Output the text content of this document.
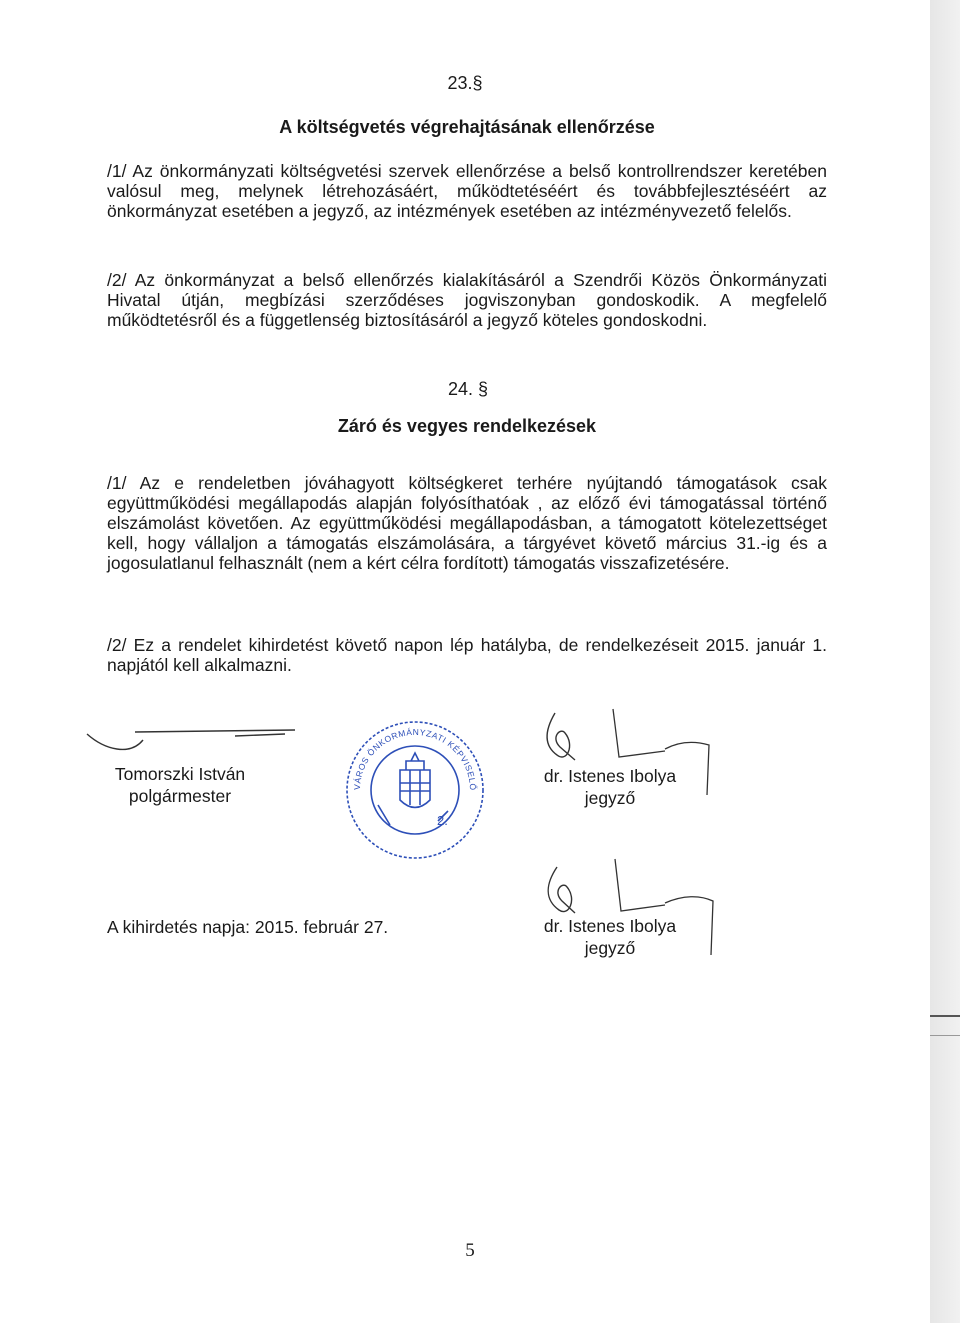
23.§
A költségvetés végrehajtásának ellenőrzése

/1/ Az önkormányzati költségvetési szervek ellenőrzése a belső kontrollrendszer keretében valósul meg, melynek létrehozásáért, működtetéséért és továbbfejlesztéséért az önkormányzat esetében a jegyző, az intézmények esetében az intézményvezető felelős.

/2/ Az önkormányzat a belső ellenőrzés kialakításáról a Szendrői Közös Önkormányzati Hivatal útján, megbízási szerződéses jogviszonyban gondoskodik. A megfelelő működtetésről és a függetlenség biztosításáról a jegyző köteles gondoskodni.

24. §
Záró és vegyes rendelkezések

/1/ Az e rendeletben jóváhagyott költségkeret terhére nyújtandó támogatások csak együttműködési megállapodás alapján folyósíthatóak , az előző évi támogatással történő elszámolást követően. Az együttműködési megállapodásban, a támogatott kötelezettséget kell, hogy vállaljon a támogatás elszámolására, a tárgyévet követő március 31.-ig és a jogosulatlanul felhasznált (nem a kért célra fordított) támogatás visszafizetésére.

/2/ Ez a rendelet kihirdetést követő napon lép hatályba, de rendelkezéseit 2015. január 1. napjától kell alkalmazni.

Tomorszki István
polgármester	VÁROS ÖNKORMÁNYZATI KÉPVISELŐ-TESTÜLETE · SZENDRŐ · B.-A.-Z. MEGYE
2.
dr. Istenes Ibolya
jegyző
A kihirdetés napja: 2015. február 27.	dr. Istenes Ibolya
jegyző
5
